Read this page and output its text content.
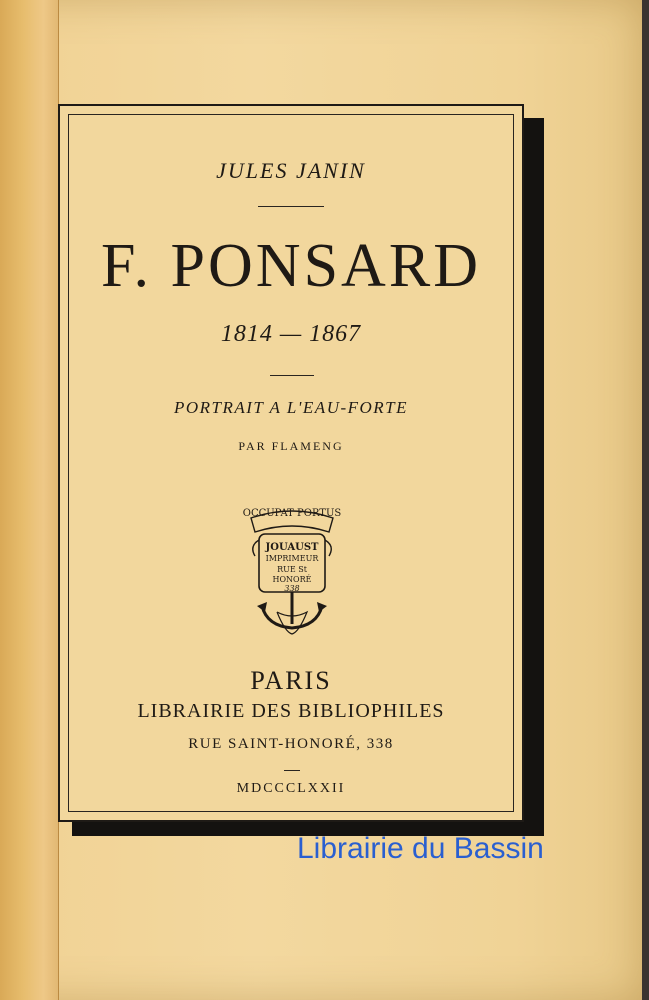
JULES JANIN
F. PONSARD
1814 — 1867
PORTRAIT A L'EAU-FORTE
PAR FLAMENG
OCCUPAT PORTUS
JOUAUST
IMPRIMEUR
RUE St
HONORÉ
338
PARIS
LIBRAIRIE DES BIBLIOPHILES
RUE SAINT-HONORÉ, 338
MDCCCLXXII
Librairie du Bassin
